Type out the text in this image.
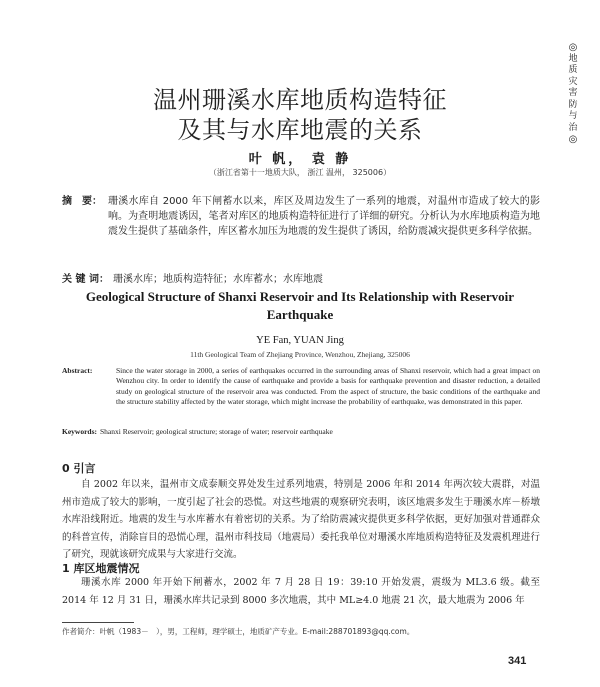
◎
地
质
灾
害
防
与
治
◎
温州珊溪水库地质构造特征
及其与水库地震的关系
叶 帆， 袁 静
（浙江省第十一地质大队， 浙江 温州， 325006）
摘　要： 珊溪水库自 2000 年下闸蓄水以来，库区及周边发生了一系列的地震，对温州市造成了较大的影响。为查明地震诱因，笔者对库区的地质构造特征进行了详细的研究。分析认为水库地质构造为地震发生提供了基础条件，库区蓄水加压为地震的发生提供了诱因，给防震减灾提供更多科学依据。
关 键 词： 珊溪水库；地质构造特征；水库蓄水；水库地震
Geological Structure of Shanxi Reservoir and Its Relationship with Reservoir Earthquake
YE Fan, YUAN Jing
11th Geological Team of Zhejiang Province, Wenzhou, Zhejiang, 325006
Abstract:	Since the water storage in 2000, a series of earthquakes occurred in the surrounding areas of Shanxi reservoir, which had a great impact on Wenzhou city. In order to identify the cause of earthquake and provide a basis for earthquake prevention and disaster reduction, a detailed study on geological structure of the reservoir area was conducted. From the aspect of structure, the basic conditions of the earthquake and the structure stability affected by the water storage, which might increase the probability of earthquake, was demonstrated in this paper.
Keywords: Shanxi Reservoir; geological structure; storage of water; reservoir earthquake
0 引言
自 2002 年以来，温州市文成泰顺交界处发生过系列地震，特别是 2006 年和 2014 年两次较大震群，对温州市造成了较大的影响，一度引起了社会的恐慌。对这些地震的观察研究表明，该区地震多发生于珊溪水库－桥墩水库沿线附近。地震的发生与水库蓄水有着密切的关系。为了给防震减灾提供更多科学依据，更好加强对普通群众的科普宣传，消除盲目的恐慌心理，温州市科技局（地震局）委托我单位对珊溪水库地质构造特征及发震机理进行了研究，现就该研究成果与大家进行交流。
1 库区地震情况
珊溪水库 2000 年开始下闸蓄水，2002 年 7 月 28 日 19：39:10 开始发震，震级为 ML3.6 级。截至 2014 年 12 月 31 日，珊溪水库共记录到 8000 多次地震，其中 ML≥4.0 地震 21 次，最大地震为 2006 年
作者简介：叶帆（1983－　），男，工程师，理学硕士，地质矿产专业。E-mail:288701893@qq.com。
341
